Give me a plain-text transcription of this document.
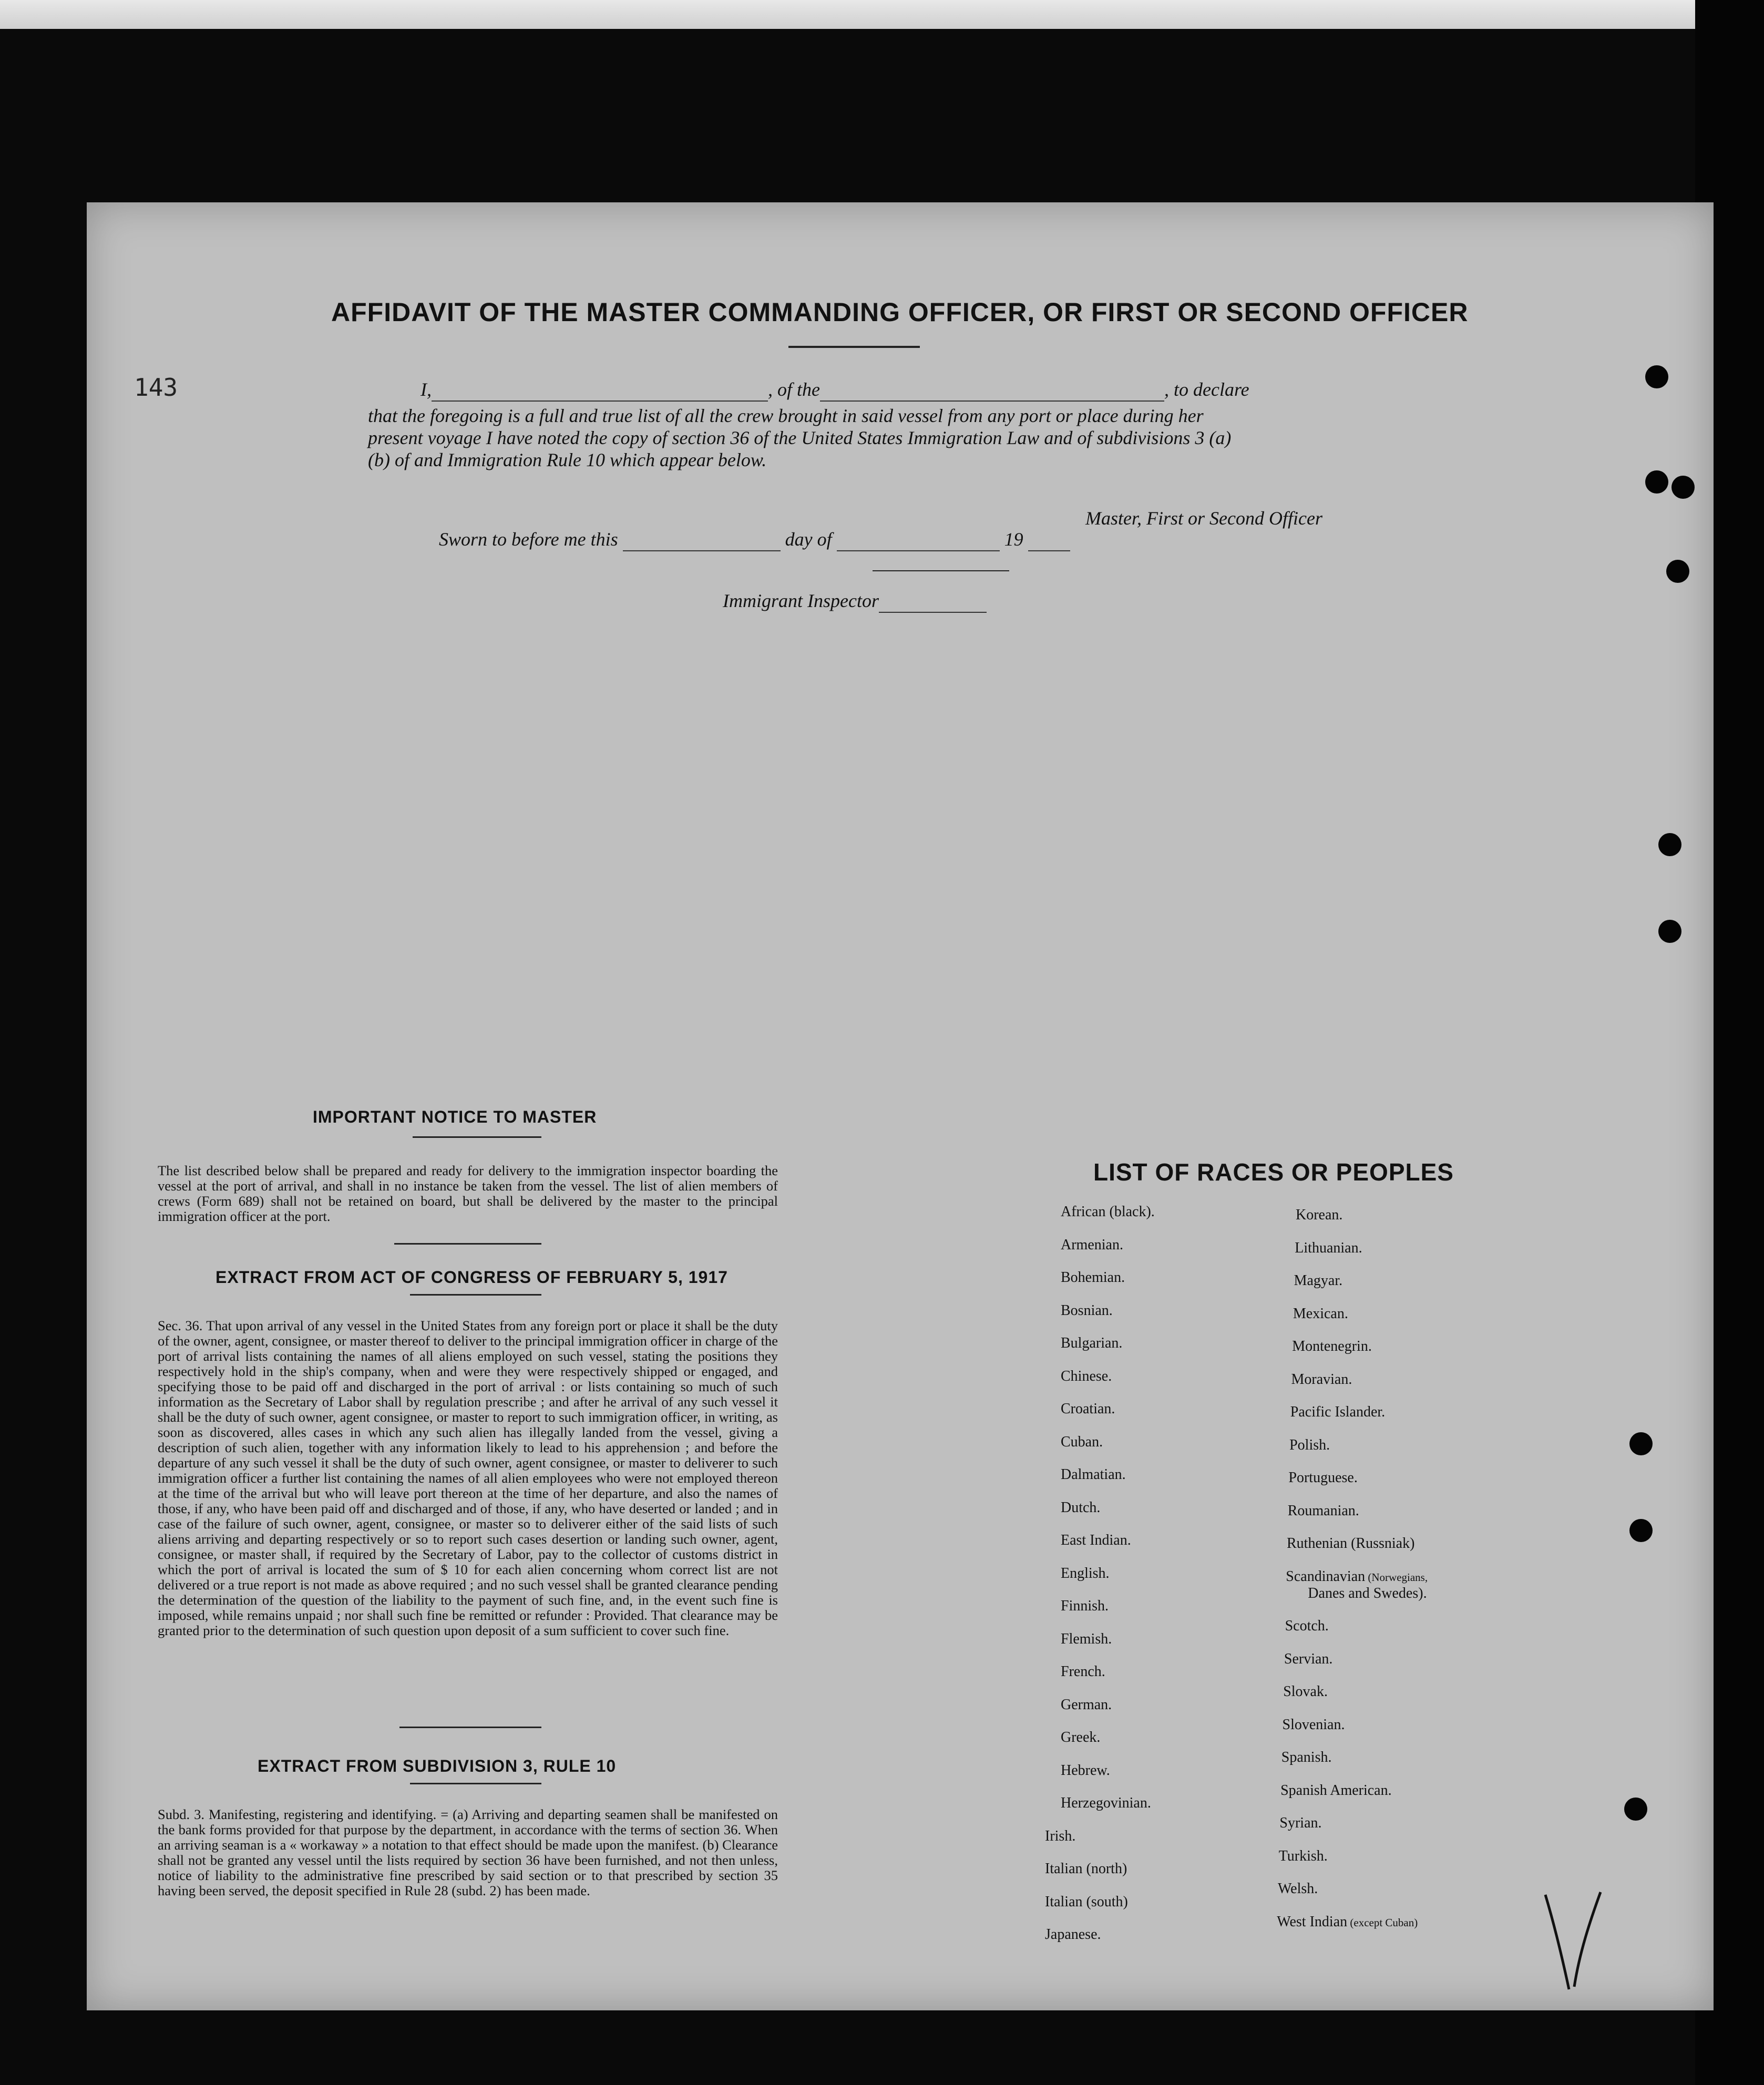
143
AFFIDAVIT OF THE MASTER COMMANDING OFFICER, OR FIRST OR SECOND OFFICER
I,	, of the	, to declare
that the foregoing is a full and true list of all the crew brought in said vessel from any port or place during her
present voyage I have noted the copy of section 36 of the United States Immigration Law and of subdivisions 3 (a)
(b) of and Immigration Rule 10 which appear below.
Master, First or Second Officer
Sworn to before me this	day of	19
Immigrant Inspector
IMPORTANT NOTICE TO MASTER
The list described below shall be prepared and ready for delivery to the immigration inspector boarding the vessel at the port of arrival, and shall in no instance be taken from the vessel. The list of alien members of crews (Form 689) shall not be retained on board, but shall be delivered by the master to the principal immigration officer at the port.
EXTRACT FROM ACT OF CONGRESS OF FEBRUARY 5, 1917
Sec. 36. That upon arrival of any vessel in the United States from any foreign port or place it shall be the duty of the owner, agent, consignee, or master thereof to deliver to the principal immigration officer in charge of the port of arrival lists containing the names of all aliens employed on such vessel, stating the positions they respectively hold in the ship's company, when and were they were respectively shipped or engaged, and specifying those to be paid off and discharged in the port of arrival : or lists containing so much of such information as the Secretary of Labor shall by regulation prescribe ; and after he arrival of any such vessel it shall be the duty of such owner, agent consignee, or master to report to such immigration officer, in writing, as soon as discovered, alles cases in which any such alien has illegally landed from the vessel, giving a description of such alien, together with any information likely to lead to his apprehension ; and before the departure of any such vessel it shall be the duty of such owner, agent consignee, or master to deliverer to such immigration officer a further list containing the names of all alien employees who were not employed thereon at the time of the arrival but who will leave port thereon at the time of her departure, and also the names of those, if any, who have been paid off and discharged and of those, if any, who have deserted or landed ; and in case of the failure of such owner, agent, consignee, or master so to deliverer either of the said lists of such aliens arriving and departing respectively or so to report such cases desertion or landing such owner, agent, consignee, or master shall, if required by the Secretary of Labor, pay to the collector of customs district in which the port of arrival is located the sum of $ 10 for each alien concerning whom correct list are not delivered or a true report is not made as above required ; and no such vessel shall be granted clearance pending the determination of the question of the liability to the payment of such fine, and, in the event such fine is imposed, while remains unpaid ; nor shall such fine be remitted or refunder : Provided. That clearance may be granted prior to the determination of such question upon deposit of a sum sufficient to cover such fine.
EXTRACT FROM SUBDIVISION 3, RULE 10
Subd. 3. Manifesting, registering and identifying. = (a) Arriving and departing seamen shall be manifested on the bank forms provided for that purpose by the department, in accordance with the terms of section 36. When an arriving seaman is a « workaway » a notation to that effect should be made upon the manifest. (b) Clearance shall not be granted any vessel until the lists required by section 36 have been furnished, and not then unless, notice of liability to the administrative fine prescribed by said section or to that prescribed by section 35 having been served, the deposit specified in Rule 28 (subd. 2) has been made.
LIST OF RACES OR PEOPLES
African (black).
Armenian.
Bohemian.
Bosnian.
Bulgarian.
Chinese.
Croatian.
Cuban.
Dalmatian.
Dutch.
East Indian.
English.
Finnish.
Flemish.
French.
German.
Greek.
Hebrew.
Herzegovinian.
Irish.
Italian (north)
Italian (south)
Japanese.
Korean.
Lithuanian.
Magyar.
Mexican.
Montenegrin.
Moravian.
Pacific Islander.
Polish.
Portuguese.
Roumanian.
Ruthenian (Russniak)
Scandinavian (Norwegians,
Danes and Swedes).
Scotch.
Servian.
Slovak.
Slovenian.
Spanish.
Spanish American.
Syrian.
Turkish.
Welsh.
West Indian (except Cuban)
